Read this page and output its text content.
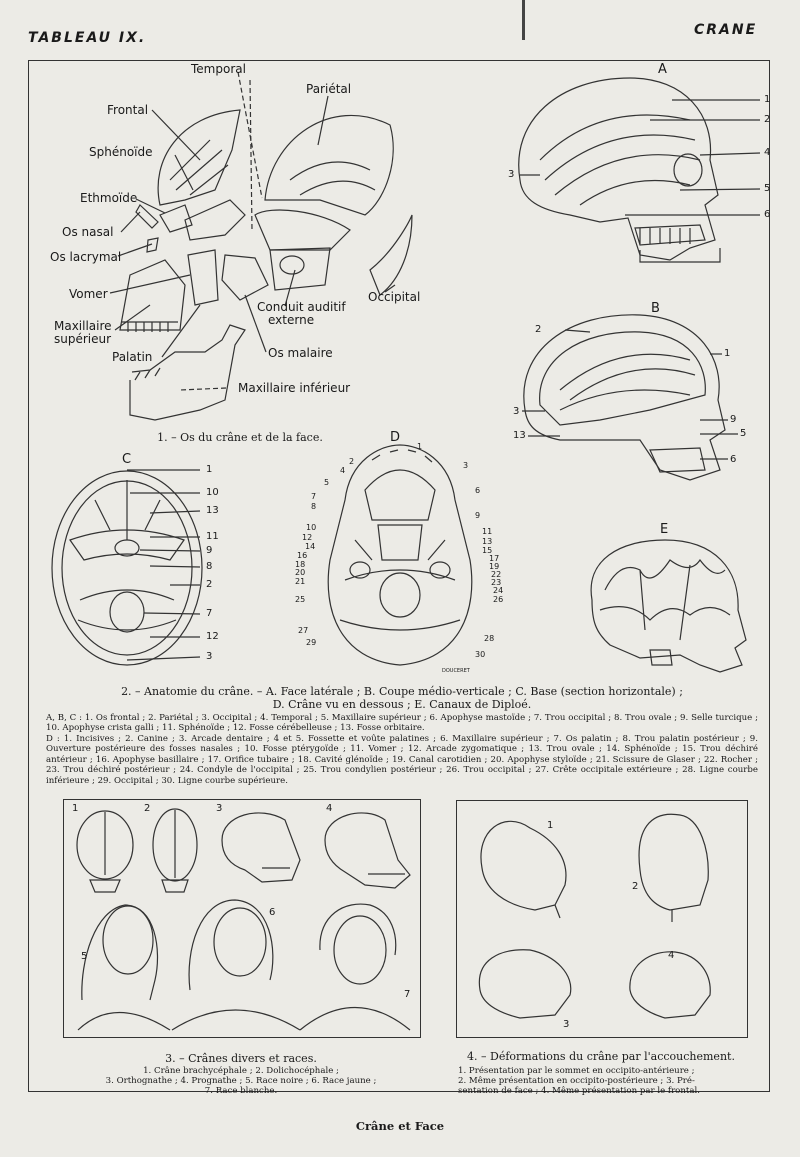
TABLEAU IX.	CRANE
Temporal
Pariétal
Frontal
Sphénoïde
Ethmoïde
Os nasal
Os lacrymal
Vomer
Maxillaire
supérieur
Palatin
Conduit auditif
externe
Occipital
Os malaire
Maxillaire inférieur
1. – Os du crâne et de la face.
A
1
2
3
4
5
6
B
2
1
3
13
9
5
6
C
1
10
13
11
9
8
2
7
12
3
D
2
4
5
7
8
10
12
14
16
18
20
21
25
27
29
1
3
6
9
11
13
15
17
19
22
23
24
26
28
30
DOUCERET
E
2. – Anatomie du crâne. – A. Face latérale ; B. Coupe médio-verticale ; C. Base (section horizontale) ;
D. Crâne vu en dessous ; E. Canaux de Diploé.
A, B, C : 1. Os frontal ; 2. Pariétal ; 3. Occipital ; 4. Temporal ; 5. Maxillaire supérieur ; 6. Apophyse mastoïde ; 7. Trou occipital ; 8. Trou ovale ; 9. Selle turcique ; 10. Apophyse crista galli ; 11. Sphénoïde ; 12. Fosse cérébelleuse ; 13. Fosse orbitaire.
D : 1. Incisives ; 2. Canine ; 3. Arcade dentaire ; 4 et 5. Fossette et voûte palatines ; 6. Maxillaire supérieur ; 7. Os palatin ; 8. Trou palatin postérieur ; 9. Ouverture postérieure des fosses nasales ; 10. Fosse ptérygoïde ; 11. Vomer ; 12. Arcade zygomatique ; 13. Trou ovale ; 14. Sphénoïde ; 15. Trou déchiré antérieur ; 16. Apophyse basillaire ; 17. Orifice tubaire ; 18. Cavité glénoïde ; 19. Canal carotidien ; 20. Apophyse styloïde ; 21. Scissure de Glaser ; 22. Rocher ; 23. Trou déchiré postérieur ; 24. Condyle de l'occipital ; 25. Trou condylien postérieur ; 26. Trou occipital ; 27. Crête occipitale extérieure ; 28. Ligne courbe inférieure ; 29. Occipital ; 30. Ligne courbe supérieure.
1	2	3	4
5
6
7
3. – Crânes divers et races.
1. Crâne brachycéphale ; 2. Dolichocéphale ;
3. Orthognathe ; 4. Prognathe ; 5. Race noire ; 6. Race jaune ;
7. Race blanche.
1
2
3
4
4. – Déformations du crâne par l'accouchement.
1. Présentation par le sommet en occipito-antérieure ;
2. Même présentation en occipito-postérieure ; 3. Pré-
sentation de face ; 4. Même présentation par le frontal.
Crâne et Face
